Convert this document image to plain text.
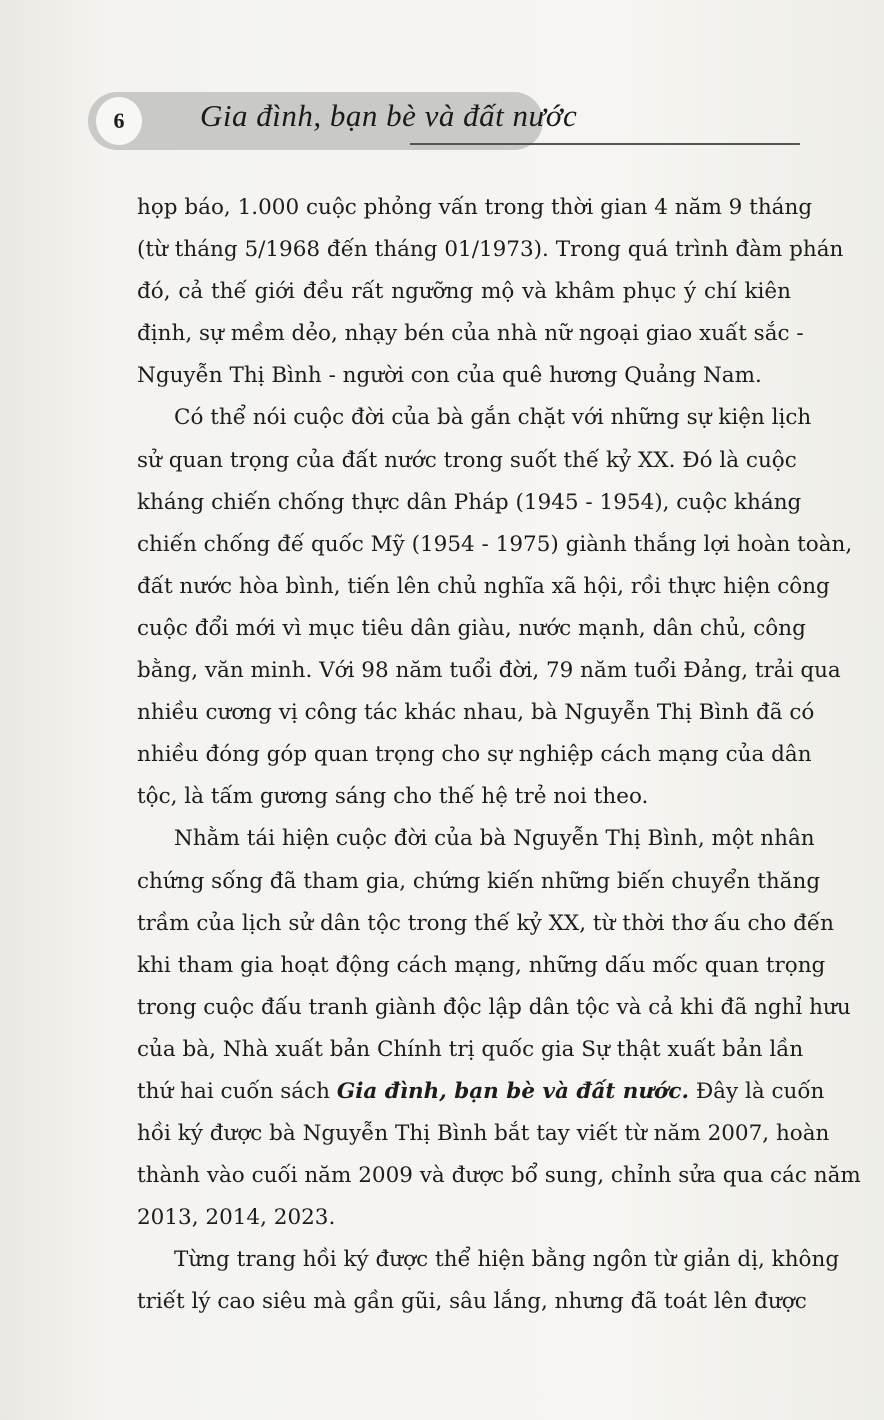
6	Gia đình, bạn bè và đất nước
họp báo, 1.000 cuộc phỏng vấn trong thời gian 4 năm 9 tháng
(từ tháng 5/1968 đến tháng 01/1973). Trong quá trình đàm phán
đó, cả thế giới đều rất ngưỡng mộ và khâm phục ý chí kiên
định, sự mềm dẻo, nhạy bén của nhà nữ ngoại giao xuất sắc -
Nguyễn Thị Bình - người con của quê hương Quảng Nam.
Có thể nói cuộc đời của bà gắn chặt với những sự kiện lịch
sử quan trọng của đất nước trong suốt thế kỷ XX. Đó là cuộc
kháng chiến chống thực dân Pháp (1945 - 1954), cuộc kháng
chiến chống đế quốc Mỹ (1954 - 1975) giành thắng lợi hoàn toàn,
đất nước hòa bình, tiến lên chủ nghĩa xã hội, rồi thực hiện công
cuộc đổi mới vì mục tiêu dân giàu, nước mạnh, dân chủ, công
bằng, văn minh. Với 98 năm tuổi đời, 79 năm tuổi Đảng, trải qua
nhiều cương vị công tác khác nhau, bà Nguyễn Thị Bình đã có
nhiều đóng góp quan trọng cho sự nghiệp cách mạng của dân
tộc, là tấm gương sáng cho thế hệ trẻ noi theo.
Nhằm tái hiện cuộc đời của bà Nguyễn Thị Bình, một nhân
chứng sống đã tham gia, chứng kiến những biến chuyển thăng
trầm của lịch sử dân tộc trong thế kỷ XX, từ thời thơ ấu cho đến
khi tham gia hoạt động cách mạng, những dấu mốc quan trọng
trong cuộc đấu tranh giành độc lập dân tộc và cả khi đã nghỉ hưu
của bà, Nhà xuất bản Chính trị quốc gia Sự thật xuất bản lần
thứ hai cuốn sách Gia đình, bạn bè và đất nước. Đây là cuốn
hồi ký được bà Nguyễn Thị Bình bắt tay viết từ năm 2007, hoàn
thành vào cuối năm 2009 và được bổ sung, chỉnh sửa qua các năm
2013, 2014, 2023.
Từng trang hồi ký được thể hiện bằng ngôn từ giản dị, không
triết lý cao siêu mà gần gũi, sâu lắng, nhưng đã toát lên được
